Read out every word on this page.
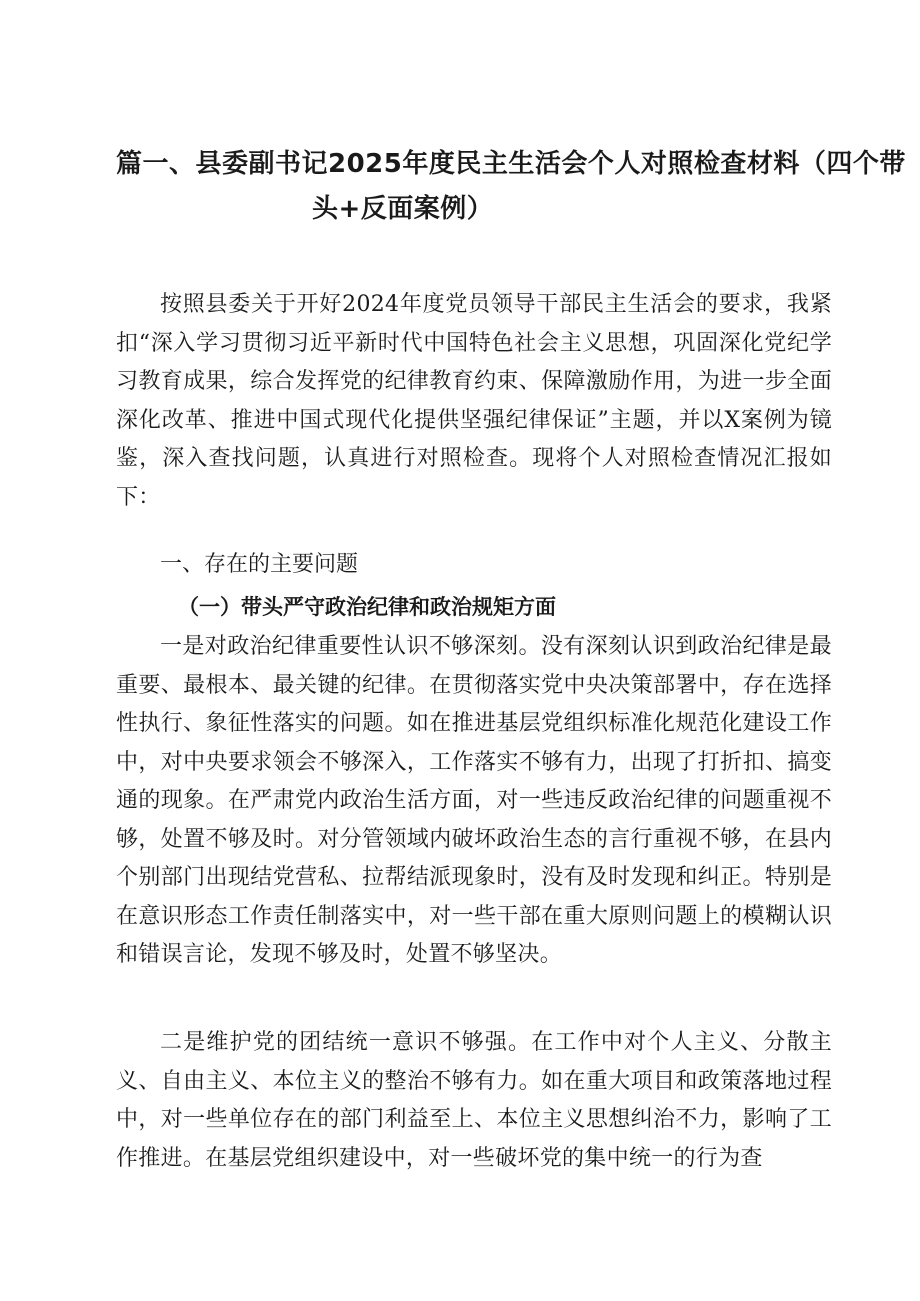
篇一、县委副书记2025年度民主生活会个人对照检查材料（四个带
头+反面案例）

按照县委关于开好2024年度党员领导干部民主生活会的要求，我紧扣“深入学习贯彻习近平新时代中国特色社会主义思想，巩固深化党纪学习教育成果，综合发挥党的纪律教育约束、保障激励作用，为进一步全面深化改革、推进中国式现代化提供坚强纪律保证”主题，并以X案例为镜鉴，深入查找问题，认真进行对照检查。现将个人对照检查情况汇报如下：

一、存在的主要问题
（一）带头严守政治纪律和政治规矩方面

一是对政治纪律重要性认识不够深刻。没有深刻认识到政治纪律是最重要、最根本、最关键的纪律。在贯彻落实党中央决策部署中，存在选择性执行、象征性落实的问题。如在推进基层党组织标准化规范化建设工作中，对中央要求领会不够深入，工作落实不够有力，出现了打折扣、搞变通的现象。在严肃党内政治生活方面，对一些违反政治纪律的问题重视不够，处置不够及时。对分管领域内破坏政治生态的言行重视不够，在县内个别部门出现结党营私、拉帮结派现象时，没有及时发现和纠正。特别是在意识形态工作责任制落实中，对一些干部在重大原则问题上的模糊认识和错误言论，发现不够及时，处置不够坚决。

二是维护党的团结统一意识不够强。在工作中对个人主义、分散主义、自由主义、本位主义的整治不够有力。如在重大项目和政策落地过程中，对一些单位存在的部门利益至上、本位主义思想纠治不力，影响了工作推进。在基层党组织建设中，对一些破坏党的集中统一的行为查
